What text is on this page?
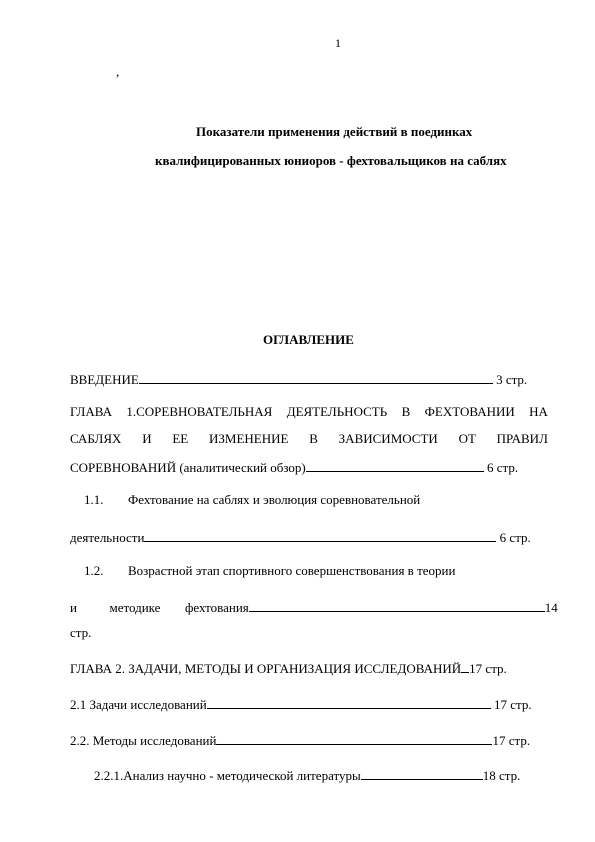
1
,
Показатели применения действий в поединках
квалифицированных юниоров - фехтовальщиков на саблях
ОГЛАВЛЕНИЕ
ВВЕДЕНИЕ	3 стр.
ГЛАВА 1.СОРЕВНОВАТЕЛЬНАЯ ДЕЯТЕЛЬНОСТЬ В ФЕХТОВАНИИ НА
САБЛЯХ И ЕЕ ИЗМЕНЕНИЕ В ЗАВИСИМОСТИ ОТ ПРАВИЛ
СОРЕВНОВАНИЙ (аналитический обзор)	6 стр.
1.1. Фехтование на саблях и эволюция соревновательной
деятельности	6 стр.
1.2. Возрастной этап спортивного совершенствования в теории
и	методике фехтования	14
стр.
ГЛАВА 2. ЗАДАЧИ, МЕТОДЫ И ОРГАНИЗАЦИЯ ИССЛЕДОВАНИЙ 17 стр.
2.1 Задачи исследований	17 стр.
2.2. Методы исследований	17 стр.
2.2.1.Анализ научно - методической литературы	18 стр.
